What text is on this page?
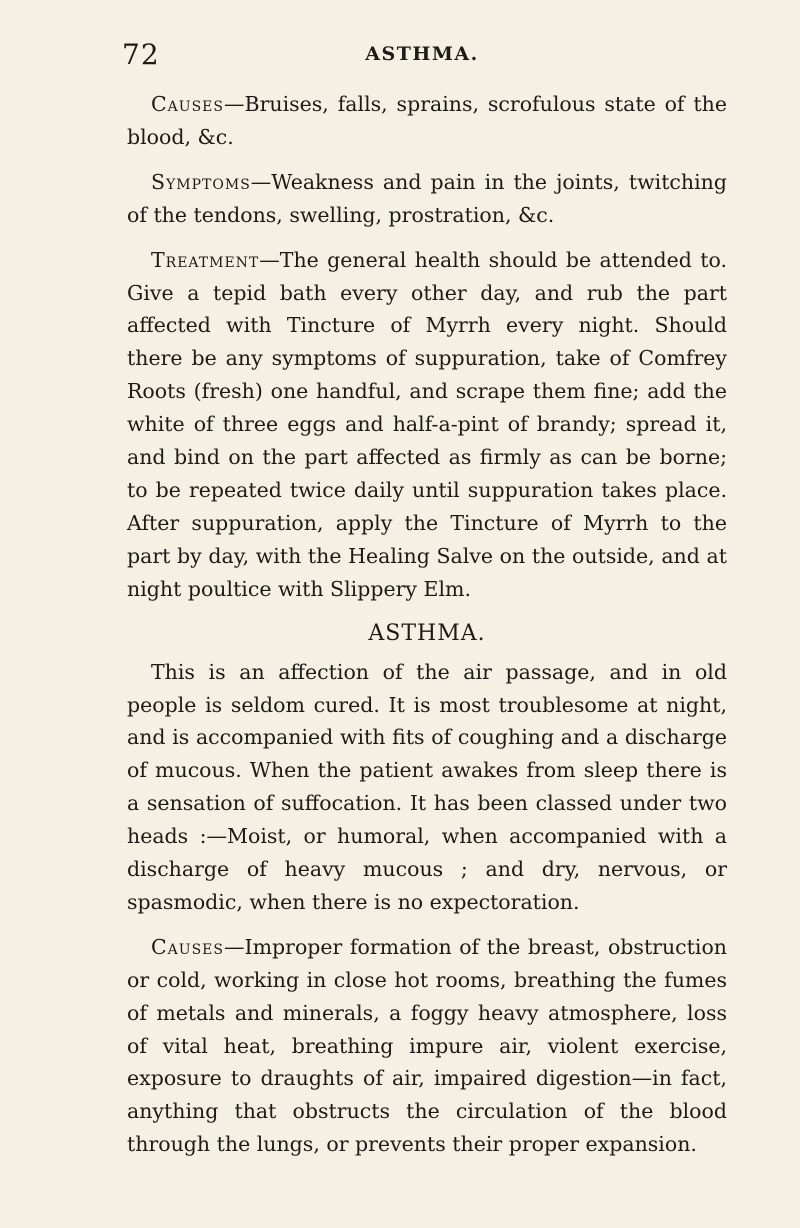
72	ASTHMA.

Causes—Bruises, falls, sprains, scrofulous state of the blood, &c.

Symptoms—Weakness and pain in the joints, twitching of the tendons, swelling, prostration, &c.

Treatment—The general health should be attended to. Give a tepid bath every other day, and rub the part affected with Tincture of Myrrh every night. Should there be any symptoms of suppuration, take of Comfrey Roots (fresh) one handful, and scrape them fine; add the white of three eggs and half-a-pint of brandy; spread it, and bind on the part affected as firmly as can be borne; to be repeated twice daily until suppuration takes place. After suppuration, apply the Tincture of Myrrh to the part by day, with the Healing Salve on the outside, and at night poultice with Slippery Elm.

ASTHMA.

This is an affection of the air passage, and in old people is seldom cured. It is most troublesome at night, and is accompanied with fits of coughing and a discharge of mucous. When the patient awakes from sleep there is a sensation of suffocation. It has been classed under two heads :—Moist, or humoral, when accompanied with a discharge of heavy mucous ; and dry, nervous, or spasmodic, when there is no expectoration.

Causes—Improper formation of the breast, obstruction or cold, working in close hot rooms, breathing the fumes of metals and minerals, a foggy heavy atmosphere, loss of vital heat, breathing impure air, violent exercise, exposure to draughts of air, impaired digestion—in fact, anything that obstructs the circulation of the blood through the lungs, or prevents their proper expansion.
